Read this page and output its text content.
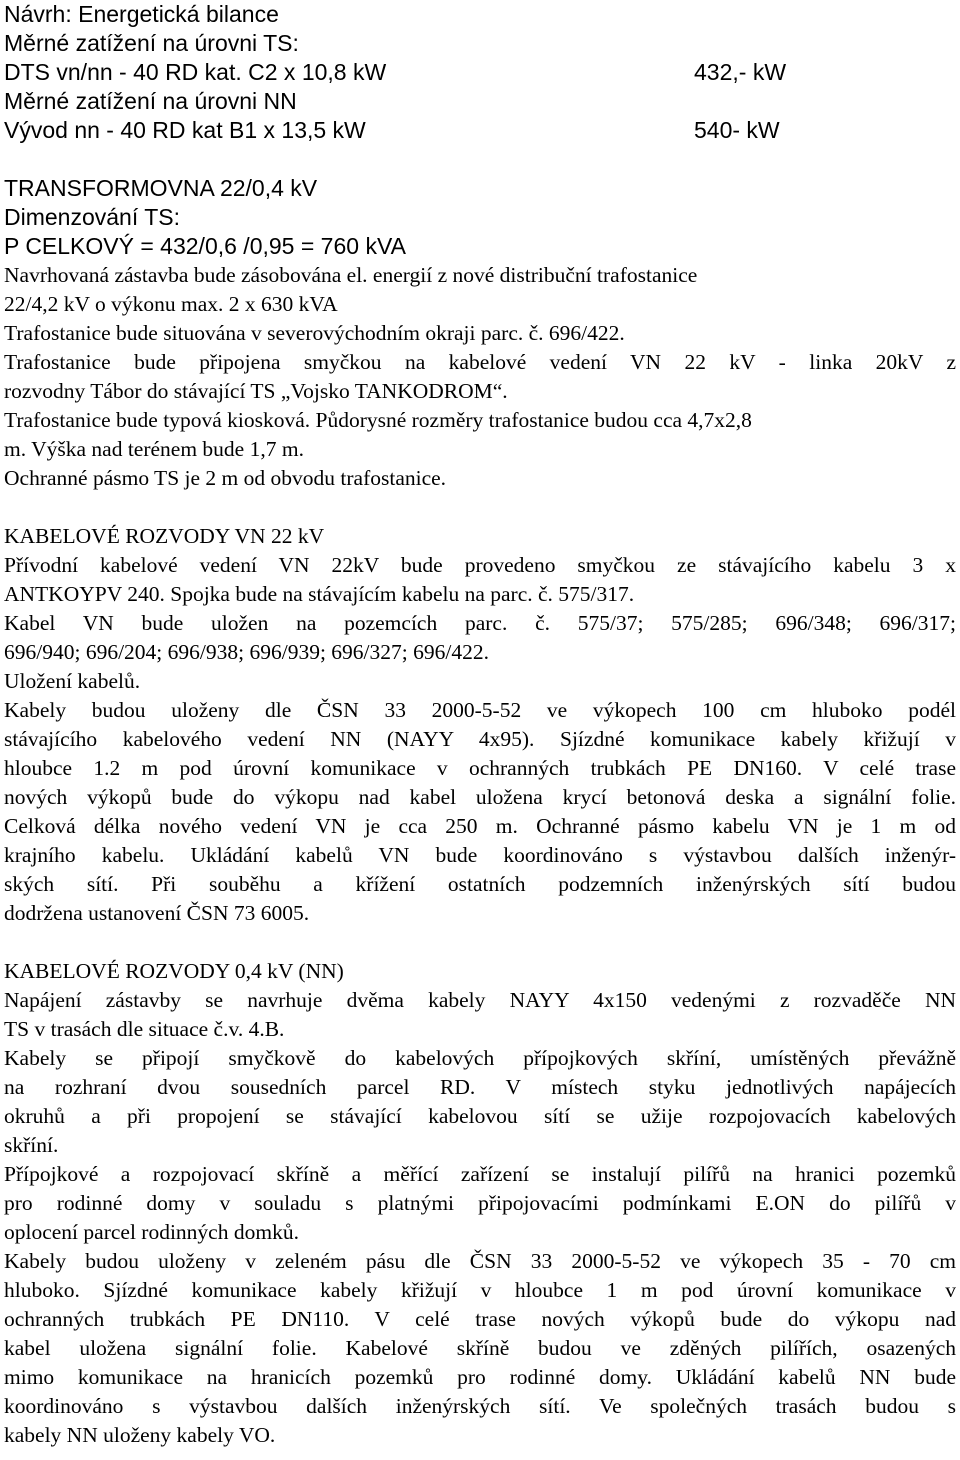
Návrh: Energetická bilance
Měrné zatížení na úrovni TS:
DTS vn/nn - 40 RD kat. C2 x 10,8 kW	432,- kW
Měrné zatížení na úrovni NN
Vývod nn - 40 RD kat B1 x 13,5 kW	540- kW
TRANSFORMOVNA 22/0,4 kV
Dimenzování TS:
P CELKOVÝ = 432/0,6 /0,95 = 760 kVA
Navrhovaná zástavba bude zásobována el. energií z nové distribuční trafostanice
22/4,2 kV o výkonu max. 2 x 630 kVA
Trafostanice bude situována v severovýchodním okraji parc. č. 696/422.
Trafostanice bude připojena smyčkou na kabelové vedení VN 22 kV - linka 20kV z
rozvodny Tábor do stávající TS „Vojsko TANKODROM“.
Trafostanice bude typová kiosková. Půdorysné rozměry trafostanice budou cca 4,7x2,8
m. Výška nad terénem bude 1,7 m.
Ochranné pásmo TS je 2 m od obvodu trafostanice.
KABELOVÉ ROZVODY VN 22 kV
Přívodní kabelové vedení VN 22kV bude provedeno smyčkou ze stávajícího kabelu 3 x
ANTKOYPV 240. Spojka bude na stávajícím kabelu na parc. č. 575/317.
Kabel VN bude uložen na pozemcích parc. č. 575/37; 575/285; 696/348; 696/317;
696/940; 696/204; 696/938; 696/939; 696/327; 696/422.
Uložení kabelů.
Kabely budou uloženy dle ČSN 33 2000-5-52 ve výkopech 100 cm hluboko podél
stávajícího kabelového vedení NN (NAYY 4x95). Sjízdné komunikace kabely křižují v
hloubce 1.2 m pod úrovní komunikace v ochranných trubkách PE DN160. V celé trase
nových výkopů bude do výkopu nad kabel uložena krycí betonová deska a signální folie.
Celková délka nového vedení VN je cca 250 m. Ochranné pásmo kabelu VN je 1 m od
krajního kabelu. Ukládání kabelů VN bude koordinováno s výstavbou dalších inženýr-
ských sítí. Při souběhu a křížení ostatních podzemních inženýrských sítí budou
dodržena ustanovení ČSN 73 6005.
KABELOVÉ ROZVODY 0,4 kV (NN)
Napájení zástavby se navrhuje dvěma kabely NAYY 4x150 vedenými z rozvaděče NN
TS v trasách dle situace č.v. 4.B.
Kabely se připojí smyčkově do kabelových přípojkových skříní, umístěných převážně
na rozhraní dvou sousedních parcel RD. V místech styku jednotlivých napájecích
okruhů a při propojení se stávající kabelovou sítí se užije rozpojovacích kabelových
skříní.
Přípojkové a rozpojovací skříně a měřící zařízení se instalují pilířů na hranici pozemků
pro rodinné domy v souladu s platnými připojovacími podmínkami E.ON do pilířů v
oplocení parcel rodinných domků.
Kabely budou uloženy v zeleném pásu dle ČSN 33 2000-5-52 ve výkopech 35 - 70 cm
hluboko. Sjízdné komunikace kabely křižují v hloubce 1 m pod úrovní komunikace v
ochranných trubkách PE DN110. V celé trase nových výkopů bude do výkopu nad
kabel uložena signální folie. Kabelové skříně budou ve zděných pilířích, osazených
mimo komunikace na hranicích pozemků pro rodinné domy. Ukládání kabelů NN bude
koordinováno s výstavbou dalších inženýrských sítí. Ve společných trasách budou s
kabely NN uloženy kabely VO.
